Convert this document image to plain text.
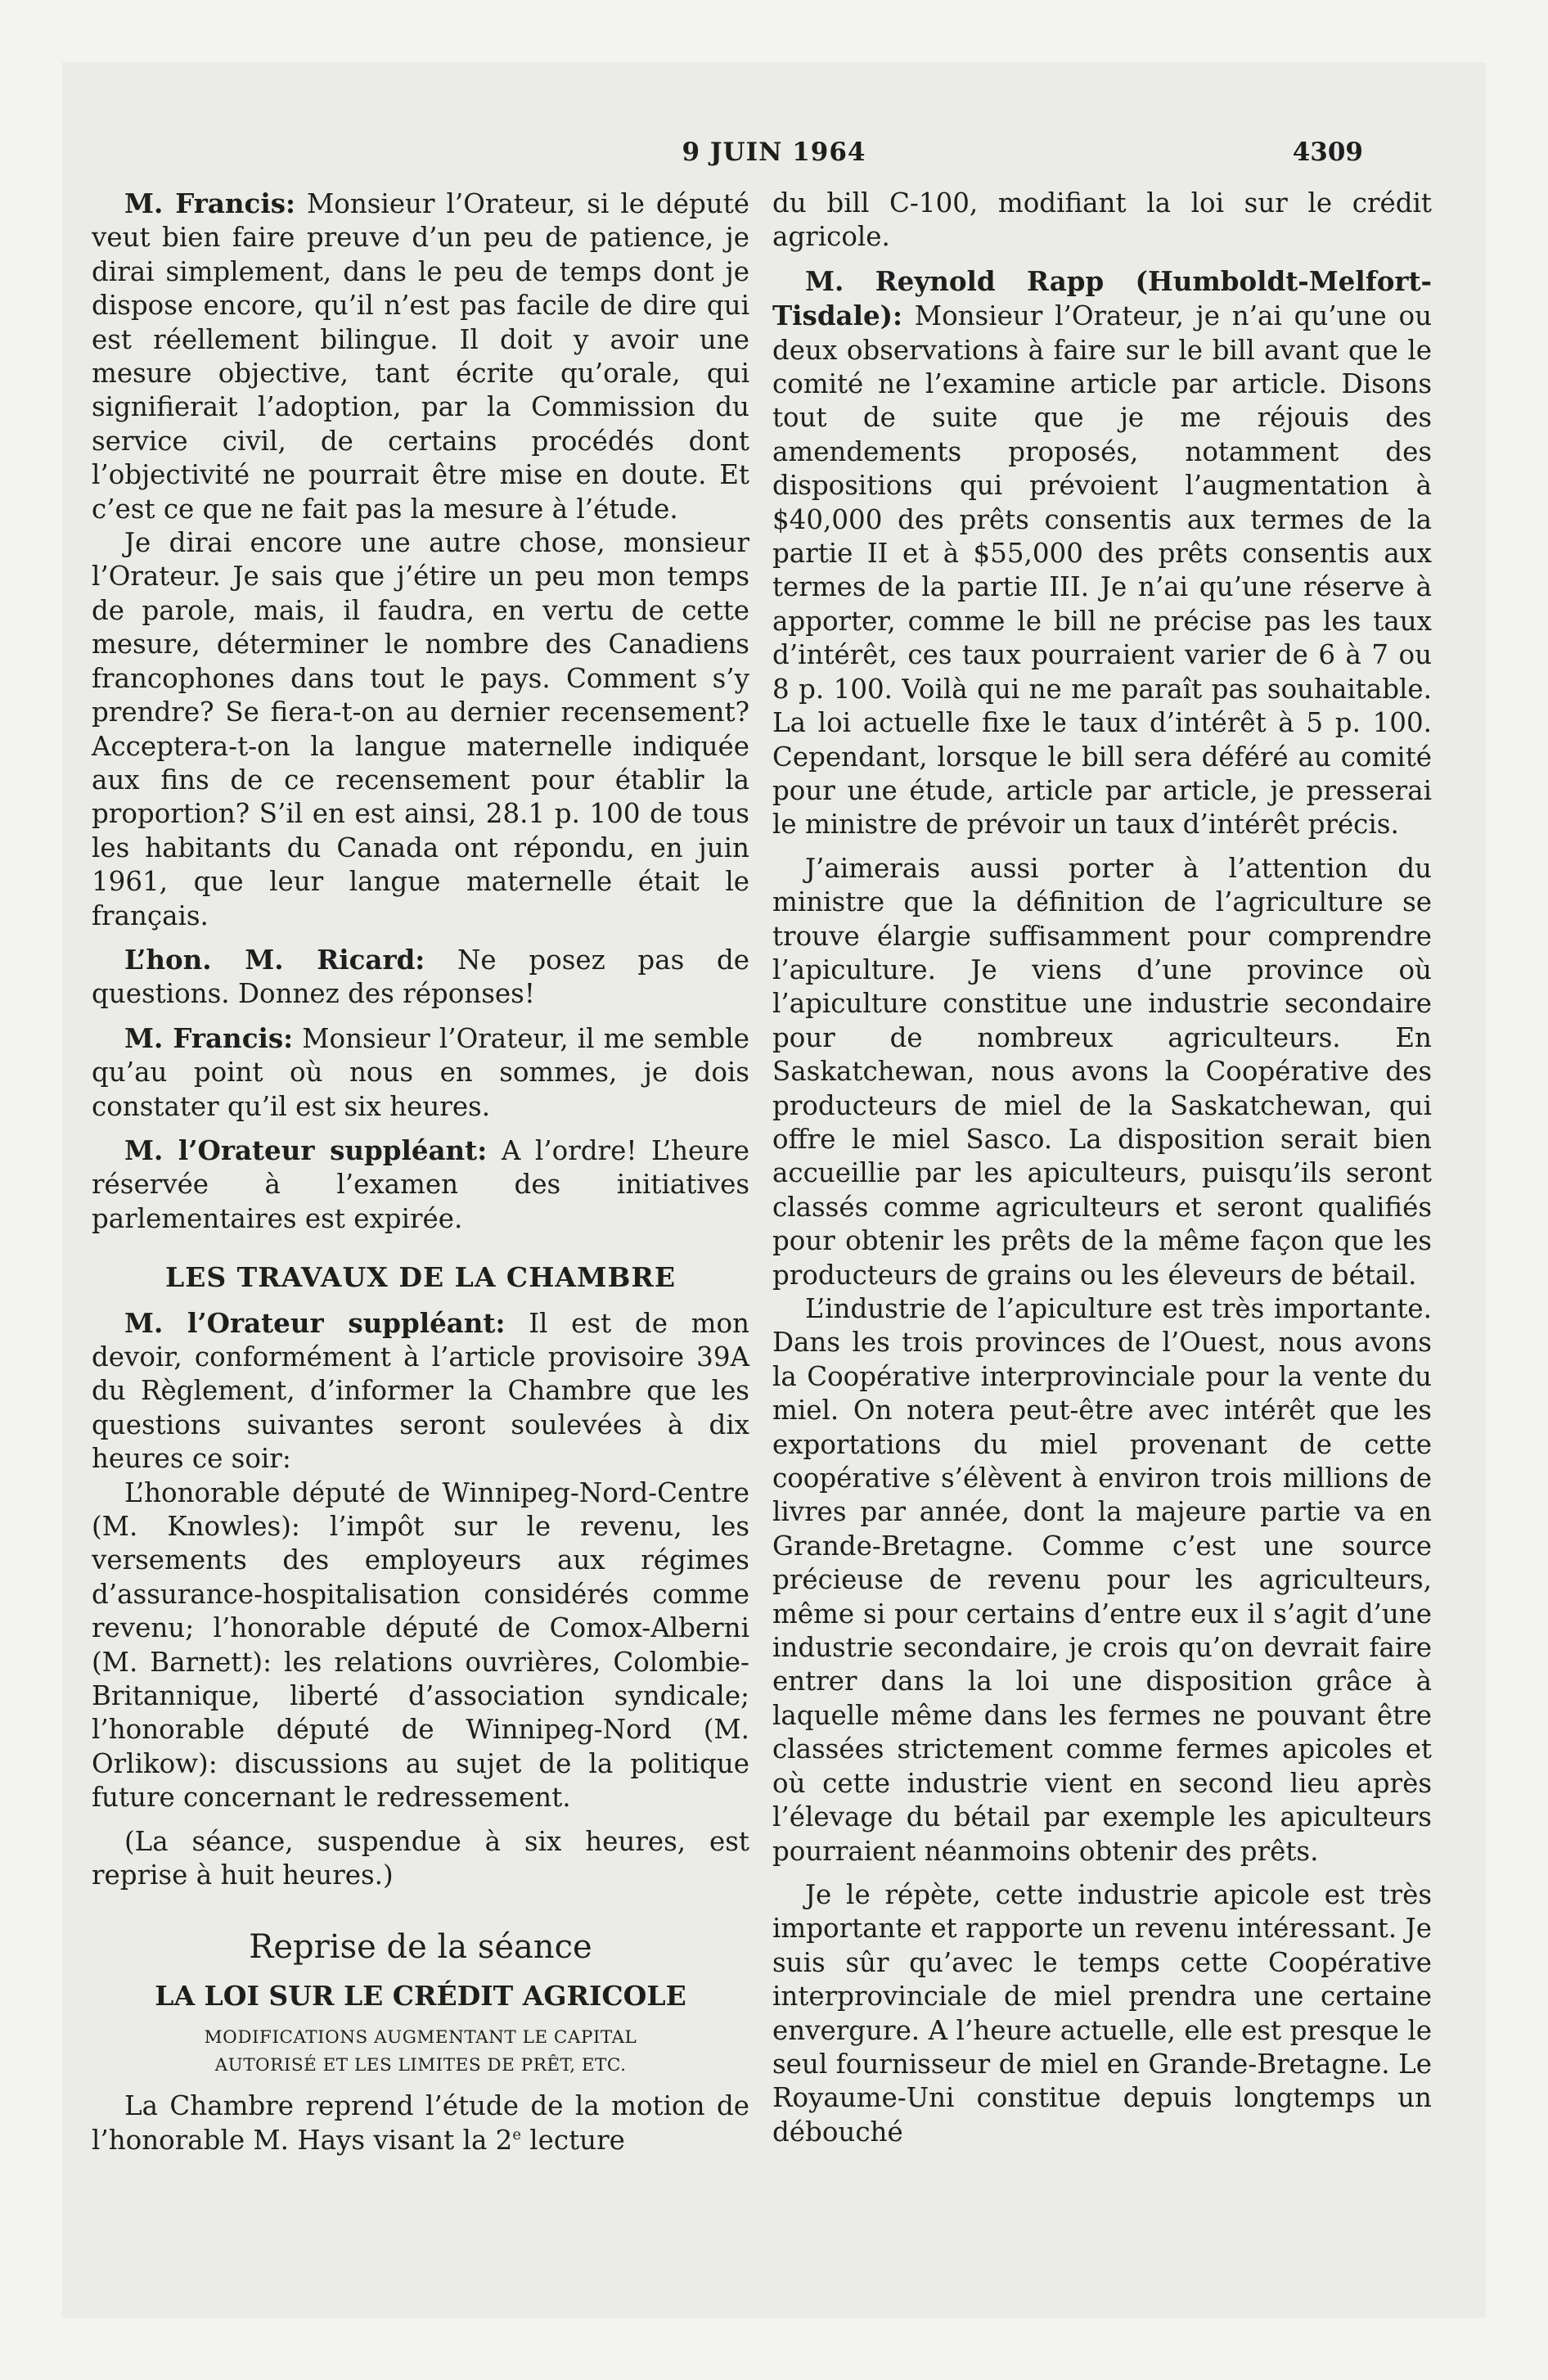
9 JUIN 1964	4309

M. Francis: Monsieur l’Orateur, si le député veut bien faire preuve d’un peu de patience, je dirai simplement, dans le peu de temps dont je dispose encore, qu’il n’est pas facile de dire qui est réellement bilingue. Il doit y avoir une mesure objective, tant écrite qu’orale, qui signifierait l’adoption, par la Commission du service civil, de certains procédés dont l’objectivité ne pourrait être mise en doute. Et c’est ce que ne fait pas la mesure à l’étude.

Je dirai encore une autre chose, monsieur l’Orateur. Je sais que j’étire un peu mon temps de parole, mais, il faudra, en vertu de cette mesure, déterminer le nombre des Canadiens francophones dans tout le pays. Comment s’y prendre? Se fiera-t-on au dernier recensement? Acceptera-t-on la langue maternelle indiquée aux fins de ce recensement pour établir la proportion? S’il en est ainsi, 28.1 p. 100 de tous les habitants du Canada ont répondu, en juin 1961, que leur langue maternelle était le français.

L’hon. M. Ricard: Ne posez pas de questions. Donnez des réponses!

M. Francis: Monsieur l’Orateur, il me semble qu’au point où nous en sommes, je dois constater qu’il est six heures.

M. l’Orateur suppléant: A l’ordre! L’heure réservée à l’examen des initiatives parlementaires est expirée.

LES TRAVAUX DE LA CHAMBRE

M. l’Orateur suppléant: Il est de mon devoir, conformément à l’article provisoire 39A du Règlement, d’informer la Chambre que les questions suivantes seront soulevées à dix heures ce soir:

L’honorable député de Winnipeg-Nord-Centre (M. Knowles): l’impôt sur le revenu, les versements des employeurs aux régimes d’assurance-hospitalisation considérés comme revenu; l’honorable député de Comox-Alberni (M. Barnett): les relations ouvrières, Colombie-Britannique, liberté d’association syndicale; l’honorable député de Winnipeg-Nord (M. Orlikow): discussions au sujet de la politique future concernant le redressement.

(La séance, suspendue à six heures, est reprise à huit heures.)

Reprise de la séance
LA LOI SUR LE CRÉDIT AGRICOLE
MODIFICATIONS AUGMENTANT LE CAPITAL
AUTORISÉ ET LES LIMITES DE PRÊT, ETC.

La Chambre reprend l’étude de la motion de l’honorable M. Hays visant la 2e lecture

du bill C-100, modifiant la loi sur le crédit agricole.

M. Reynold Rapp (Humboldt-Melfort-Tisdale): Monsieur l’Orateur, je n’ai qu’une ou deux observations à faire sur le bill avant que le comité ne l’examine article par article. Disons tout de suite que je me réjouis des amendements proposés, notamment des dispositions qui prévoient l’augmentation à $40,000 des prêts consentis aux termes de la partie II et à $55,000 des prêts consentis aux termes de la partie III. Je n’ai qu’une réserve à apporter, comme le bill ne précise pas les taux d’intérêt, ces taux pourraient varier de 6 à 7 ou 8 p. 100. Voilà qui ne me paraît pas souhaitable. La loi actuelle fixe le taux d’intérêt à 5 p. 100. Cependant, lorsque le bill sera déféré au comité pour une étude, article par article, je presserai le ministre de prévoir un taux d’intérêt précis.

J’aimerais aussi porter à l’attention du ministre que la définition de l’agriculture se trouve élargie suffisamment pour comprendre l’apiculture. Je viens d’une province où l’apiculture constitue une industrie secondaire pour de nombreux agriculteurs. En Saskatchewan, nous avons la Coopérative des producteurs de miel de la Saskatchewan, qui offre le miel Sasco. La disposition serait bien accueillie par les apiculteurs, puisqu’ils seront classés comme agriculteurs et seront qualifiés pour obtenir les prêts de la même façon que les producteurs de grains ou les éleveurs de bétail.

L’industrie de l’apiculture est très importante. Dans les trois provinces de l’Ouest, nous avons la Coopérative interprovinciale pour la vente du miel. On notera peut-être avec intérêt que les exportations du miel provenant de cette coopérative s’élèvent à environ trois millions de livres par année, dont la majeure partie va en Grande-Bretagne. Comme c’est une source précieuse de revenu pour les agriculteurs, même si pour certains d’entre eux il s’agit d’une industrie secondaire, je crois qu’on devrait faire entrer dans la loi une disposition grâce à laquelle même dans les fermes ne pouvant être classées strictement comme fermes apicoles et où cette industrie vient en second lieu après l’élevage du bétail par exemple les apiculteurs pourraient néanmoins obtenir des prêts.

Je le répète, cette industrie apicole est très importante et rapporte un revenu intéressant. Je suis sûr qu’avec le temps cette Coopérative interprovinciale de miel prendra une certaine envergure. A l’heure actuelle, elle est presque le seul fournisseur de miel en Grande-Bretagne. Le Royaume-Uni constitue depuis longtemps un débouché
